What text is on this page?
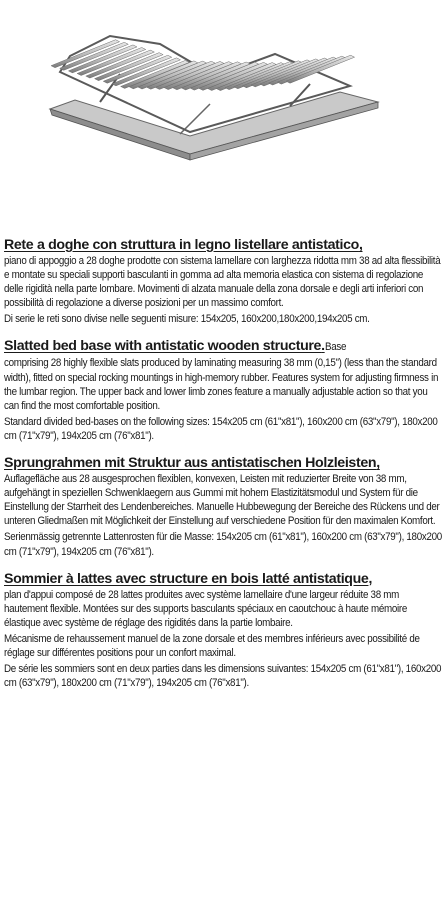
Rete a doghe con struttura in legno listellare antistatico,

piano di appoggio a 28 doghe prodotte con sistema lamellare con larghezza ridotta mm 38 ad alta flessibilità e montate su speciali supporti basculanti in gomma ad alta memoria elastica con sistema di regolazione delle rigidità nella parte lombare. Movimenti di alzata manuale della zona dorsale e degli arti inferiori con possibilità di regolazione a diverse posizioni per un massimo comfort.
Di serie le reti sono divise nelle seguenti misure: 154x205, 160x200,180x200,194x205 cm.

Slatted bed base with antistatic wooden structure.Base

comprising 28 highly flexible slats produced by laminating measuring 38 mm (0,15") (less than the standard width), fitted on special rocking mountings in high-memory rubber. Features system for adjusting firmness in the lumbar region. The upper back and lower limb zones feature a manually adjustable action so that you can find the most comfortable position.
Standard divided bed-bases on the following sizes: 154x205 cm (61"x81"), 160x200 cm (63"x79"), 180x200 cm (71"x79"), 194x205 cm (76"x81").

Sprungrahmen mit Struktur aus antistatischen Holzleisten,

Auflagefläche aus 28 ausgesprochen flexiblen, konvexen, Leisten mit reduzierter Breite von 38 mm, aufgehängt in speziellen Schwenklaegern aus Gummi mit hohem Elastizitätsmodul und System für die Einstellung der Starrheit des Lendenbereiches. Manuelle Hubbewegung der Bereiche des Rückens und der unteren Gliedmaßen mit Möglichkeit der Einstellung auf verschiedene Position für den maximalen Komfort.
Serienmässig getrennte Lattenrosten für die Masse: 154x205 cm (61"x81"), 160x200 cm (63"x79"), 180x200 cm (71"x79"), 194x205 cm (76"x81").

Sommier à lattes avec structure en bois latté antistatique,

plan d'appui composé de 28 lattes produites avec système lamellaire d'une largeur réduite 38 mm hautement flexible. Montées sur des supports basculants spéciaux en caoutchouc à haute mémoire élastique avec système de réglage des rigidités dans la partie lombaire.
Mécanisme de rehaussement manuel de la zone dorsale et des membres inférieurs avec possibilité de réglage sur différentes positions pour un confort maximal.
De série les sommiers sont en deux parties dans les dimensions suivantes: 154x205 cm (61"x81"), 160x200 cm (63"x79"), 180x200 cm (71"x79"), 194x205 cm (76"x81").
